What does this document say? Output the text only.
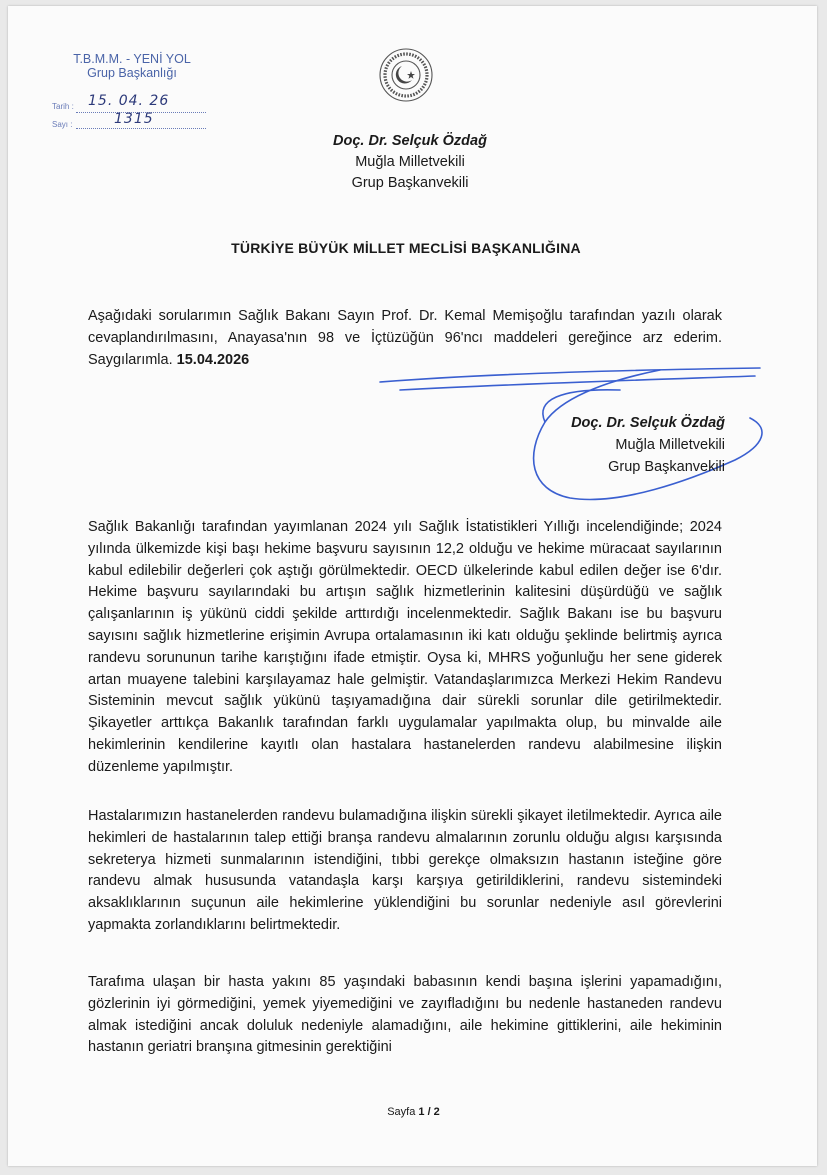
T.B.M.M. - YENİ YOL
Grup Başkanlığı
Tarih : 15. 04. 26
Sayı :	1315
Doç. Dr. Selçuk Özdağ
Muğla Milletvekili
Grup Başkanvekili
TÜRKİYE BÜYÜK MİLLET MECLİSİ BAŞKANLIĞINA

Aşağıdaki sorularımın Sağlık Bakanı Sayın Prof. Dr. Kemal Memişoğlu tarafından yazılı olarak cevaplandırılmasını, Anayasa'nın 98 ve İçtüzüğün 96'ncı maddeleri gereğince arz ederim. Saygılarımla. 15.04.2026

Doç. Dr. Selçuk Özdağ
Muğla Milletvekili
Grup Başkanvekili

Sağlık Bakanlığı tarafından yayımlanan 2024 yılı Sağlık İstatistikleri Yıllığı incelendiğinde; 2024 yılında ülkemizde kişi başı hekime başvuru sayısının 12,2 olduğu ve hekime müracaat sayılarının kabul edilebilir değerleri çok aştığı görülmektedir. OECD ülkelerinde kabul edilen değer ise 6'dır. Hekime başvuru sayılarındaki bu artışın sağlık hizmetlerinin kalitesini düşürdüğü ve sağlık çalışanlarının iş yükünü ciddi şekilde arttırdığı incelenmektedir. Sağlık Bakanı ise bu başvuru sayısını sağlık hizmetlerine erişimin Avrupa ortalamasının iki katı olduğu şeklinde belirtmiş ayrıca randevu sorununun tarihe karıştığını ifade etmiştir. Oysa ki, MHRS yoğunluğu her sene giderek artan muayene talebini karşılayamaz hale gelmiştir. Vatandaşlarımızca Merkezi Hekim Randevu Sisteminin mevcut sağlık yükünü taşıyamadığına dair sürekli sorunlar dile getirilmektedir. Şikayetler arttıkça Bakanlık tarafından farklı uygulamalar yapılmakta olup, bu minvalde aile hekimlerinin kendilerine kayıtlı olan hastalara hastanelerden randevu alabilmesine ilişkin düzenleme yapılmıştır.

Hastalarımızın hastanelerden randevu bulamadığına ilişkin sürekli şikayet iletilmektedir. Ayrıca aile hekimleri de hastalarının talep ettiği branşa randevu almalarının zorunlu olduğu algısı karşısında sekreterya hizmeti sunmalarının istendiğini, tıbbi gerekçe olmaksızın hastanın isteğine göre randevu almak hususunda vatandaşla karşı karşıya getirildiklerini, randevu sistemindeki aksaklıklarının suçunun aile hekimlerine yüklendiğini bu sorunlar nedeniyle asıl görevlerini yapmakta zorlandıklarını belirtmektedir.

Tarafıma ulaşan bir hasta yakını 85 yaşındaki babasının kendi başına işlerini yapamadığını, gözlerinin iyi görmediğini, yemek yiyemediğini ve zayıfladığını bu nedenle hastaneden randevu almak istediğini ancak doluluk nedeniyle alamadığını, aile hekimine gittiklerini, aile hekiminin hastanın geriatri branşına gitmesinin gerektiğini

Sayfa 1 / 2
